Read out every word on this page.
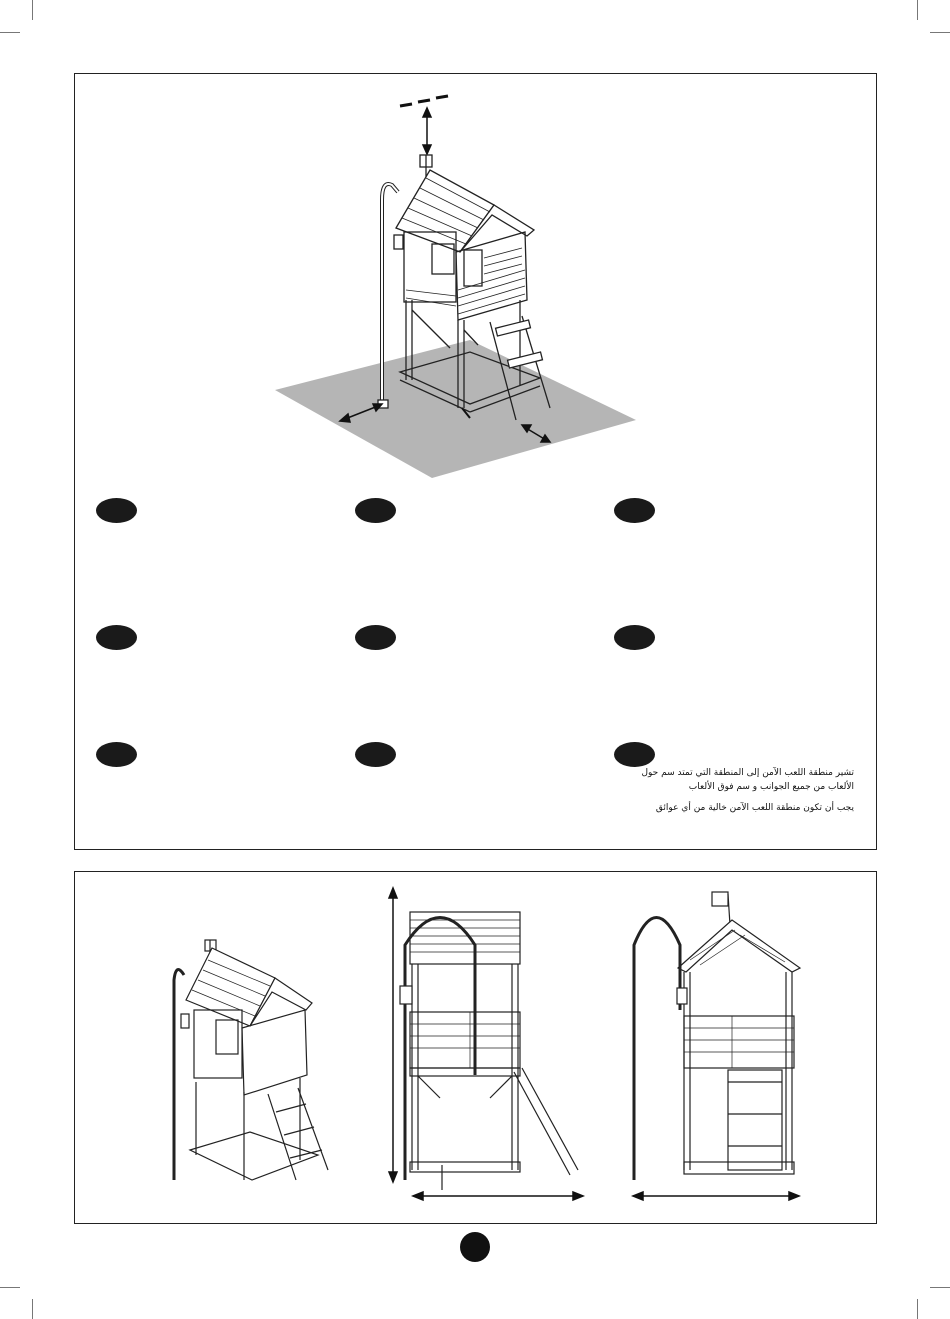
تشير منطقة اللعب الآمن إلى المنطقة التي تمتد سم حول
الألعاب من جميع الجوانب و سم فوق الألعاب
يجب أن تكون منطقة اللعب الآمن خالية من أي عوائق
